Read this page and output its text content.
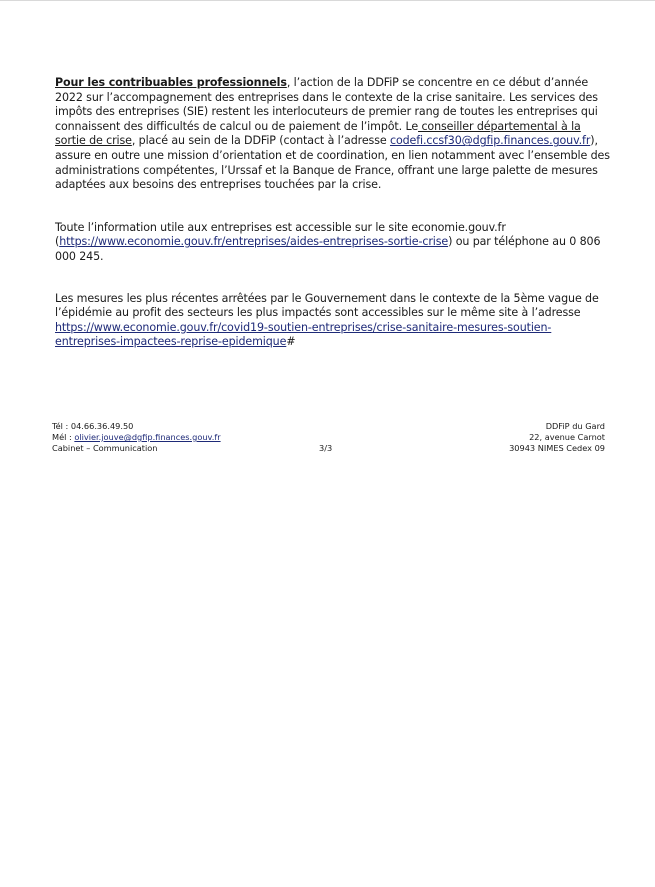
Pour les contribuables professionnels, l’action de la DDFiP se concentre en ce début d’année 2022 sur l’accompagnement des entreprises dans le contexte de la crise sanitaire. Les services des impôts des entreprises (SIE) restent les interlocuteurs de premier rang de toutes les entreprises qui connaissent des difficultés de calcul ou de paiement de l’impôt. Le conseiller départemental à la sortie de crise, placé au sein de la DDFiP (contact à l’adresse codefi.ccsf30@dgfip.finances.gouv.fr), assure en outre une mission d’orientation et de coordination, en lien notamment avec l’ensemble des administrations compétentes, l’Urssaf et la Banque de France, offrant une large palette de mesures adaptées aux besoins des entreprises touchées par la crise.

Toute l’information utile aux entreprises est accessible sur le site economie.gouv.fr (https://www.economie.gouv.fr/entreprises/aides-entreprises-sortie-crise) ou par téléphone au 0 806 000 245.

Les mesures les plus récentes arrêtées par le Gouvernement dans le contexte de la 5ème vague de l’épidémie au profit des secteurs les plus impactés sont accessibles sur le même site à l’adresse https://www.economie.gouv.fr/covid19-soutien-entreprises/crise-sanitaire-mesures-soutien-entreprises-impactees-reprise-epidemique#

Tél : 04.66.36.49.50
Mél : olivier.jouve@dgfip.finances.gouv.fr
Cabinet – Communication	3/3
DDFiP du Gard
22, avenue Carnot
30943 NIMES Cedex 09
